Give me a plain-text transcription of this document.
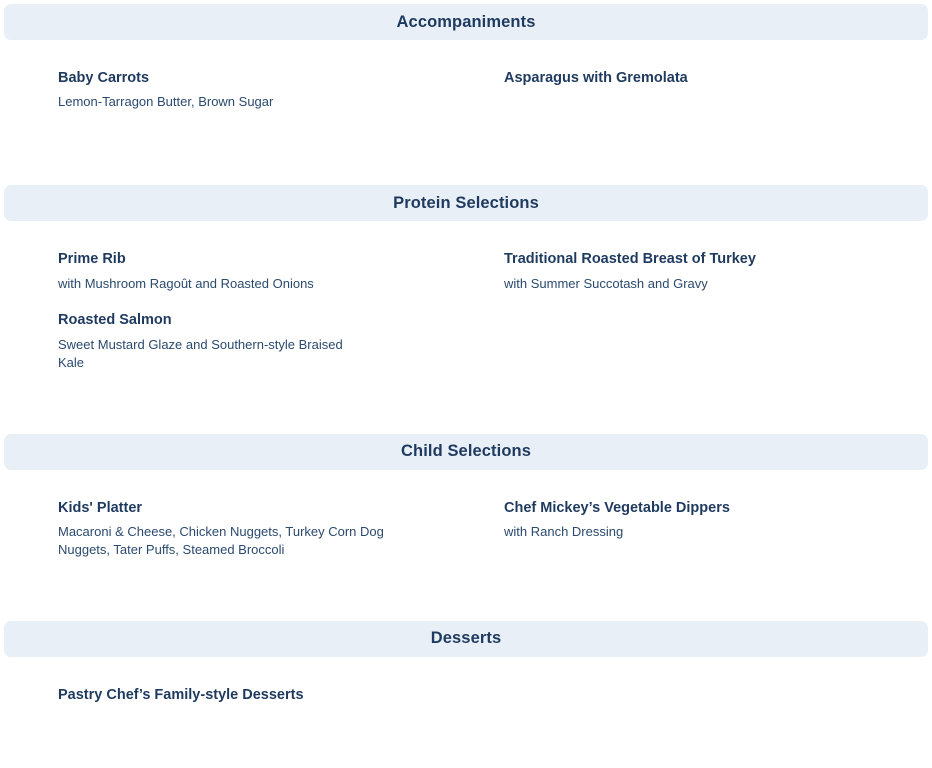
Accompaniments
Baby Carrots
Lemon-Tarragon Butter, Brown Sugar
Asparagus with Gremolata
Protein Selections
Prime Rib
with Mushroom Ragoût and Roasted Onions
Roasted Salmon
Sweet Mustard Glaze and Southern-style Braised Kale
Traditional Roasted Breast of Turkey
with Summer Succotash and Gravy
Child Selections
Kids' Platter
Macaroni & Cheese, Chicken Nuggets, Turkey Corn Dog Nuggets, Tater Puffs, Steamed Broccoli
Chef Mickey’s Vegetable Dippers
with Ranch Dressing
Desserts
Pastry Chef’s Family-style Desserts
